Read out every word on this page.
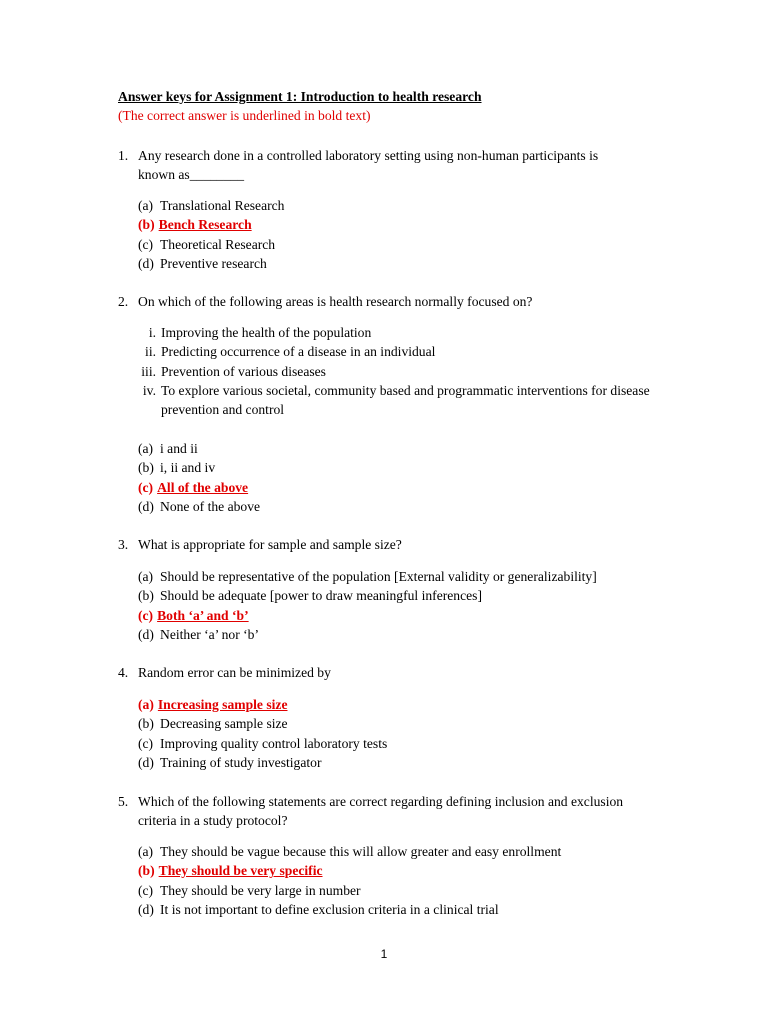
Answer keys for Assignment 1: Introduction to health research
(The correct answer is underlined in bold text)
1. Any research done in a controlled laboratory setting using non-human participants is known as________
(a) Translational Research
(b) Bench Research
(c) Theoretical Research
(d) Preventive research
2. On which of the following areas is health research normally focused on?
i. Improving the health of the population
ii. Predicting occurrence of a disease in an individual
iii. Prevention of various diseases
iv. To explore various societal, community based and programmatic interventions for disease prevention and control
(a) i and ii
(b) i, ii and iv
(c) All of the above
(d) None of the above
3. What is appropriate for sample and sample size?
(a) Should be representative of the population [External validity or generalizability]
(b) Should be adequate [power to draw meaningful inferences]
(c) Both ‘a’ and ‘b’
(d) Neither ‘a’ nor ‘b’
4. Random error can be minimized by
(a) Increasing sample size
(b) Decreasing sample size
(c) Improving quality control laboratory tests
(d) Training of study investigator
5. Which of the following statements are correct regarding defining inclusion and exclusion criteria in a study protocol?
(a) They should be vague because this will allow greater and easy enrollment
(b) They should be very specific
(c) They should be very large in number
(d) It is not important to define exclusion criteria in a clinical trial
1
